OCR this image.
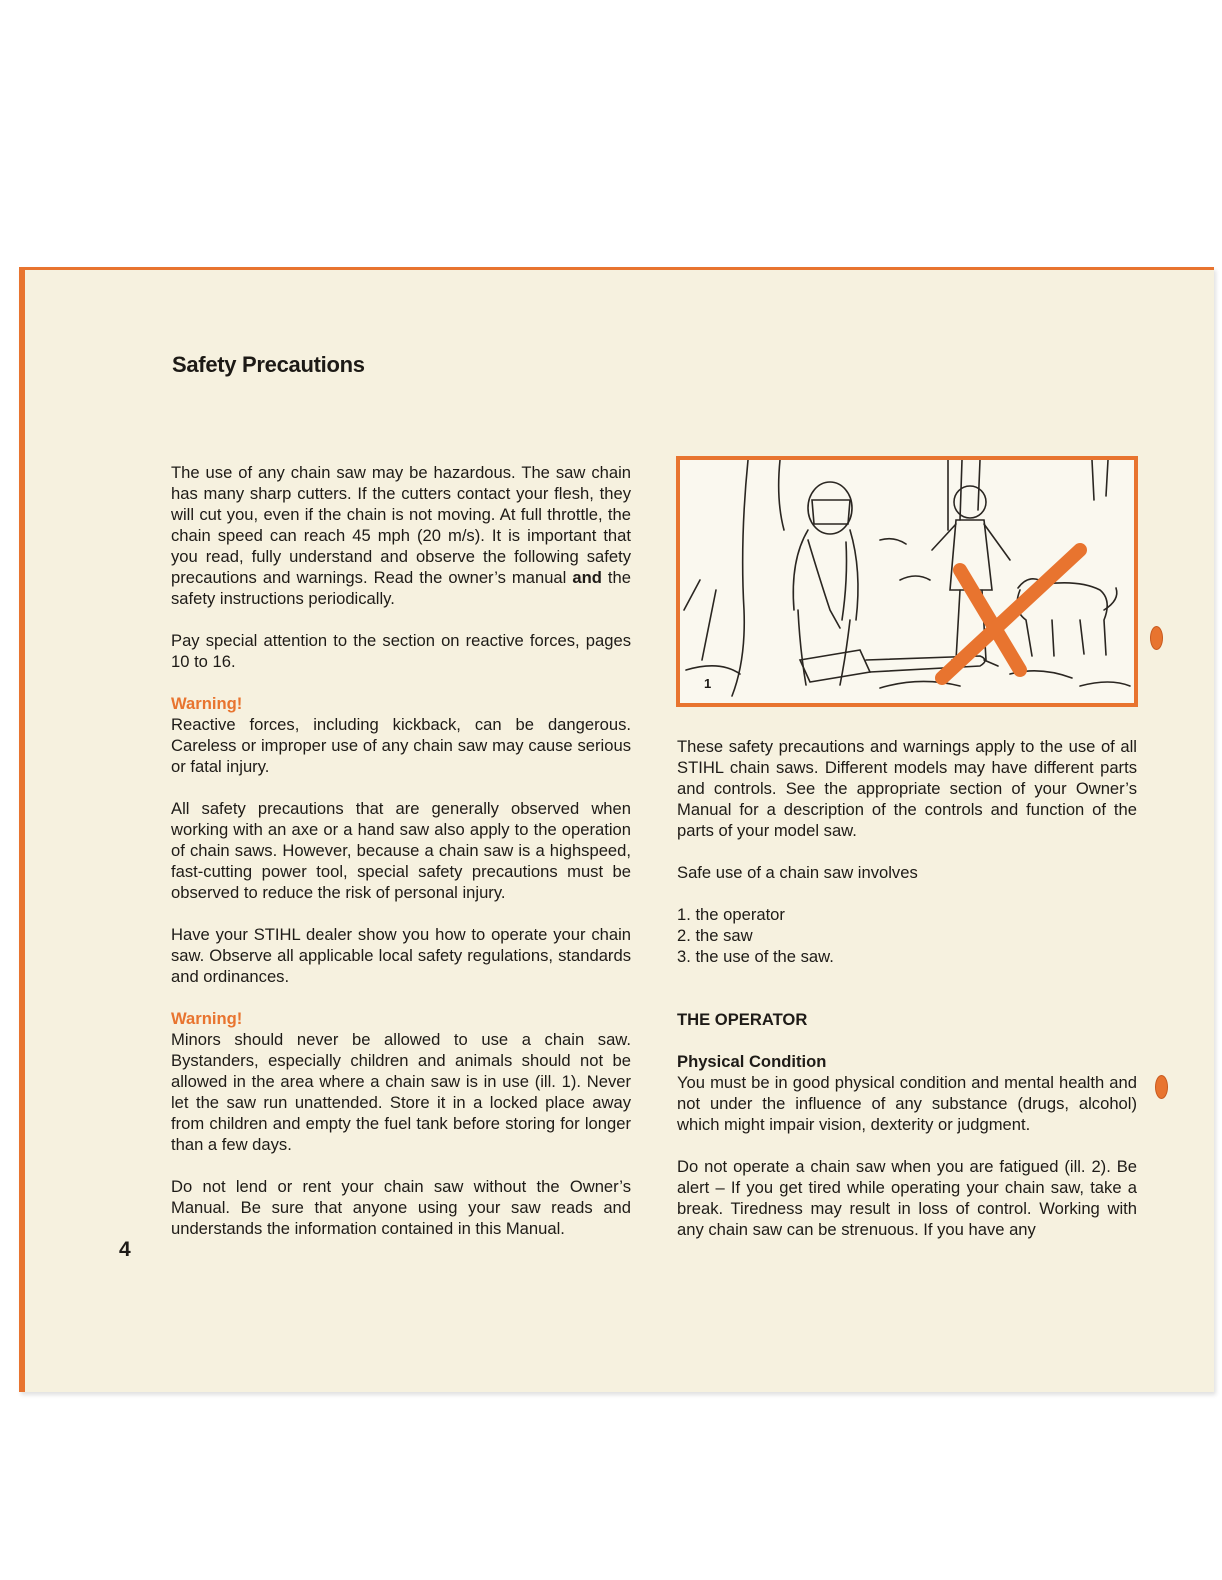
Safety Precautions

The use of any chain saw may be hazardous. The saw chain has many sharp cutters. If the cutters contact your flesh, they will cut you, even if the chain is not moving. At full throttle, the chain speed can reach 45 mph (20 m/s). It is important that you read, fully understand and observe the following safety precautions and warnings. Read the owner’s manual and the safety instructions periodically.

Pay special attention to the section on reactive forces, pages 10 to 16.

Warning!
Reactive forces, including kickback, can be dangerous. Careless or improper use of any chain saw may cause serious or fatal injury.

All safety precautions that are generally observed when working with an axe or a hand saw also apply to the operation of chain saws. However, because a chain saw is a highspeed, fast-cutting power tool, special safety precautions must be observed to reduce the risk of personal injury.

Have your STIHL dealer show you how to operate your chain saw. Observe all applicable local safety regulations, standards and ordinances.

Warning!
Minors should never be allowed to use a chain saw. Bystanders, especially children and animals should not be allowed in the area where a chain saw is in use (ill. 1). Never let the saw run unattended. Store it in a locked place away from children and empty the fuel tank before storing for longer than a few days.

Do not lend or rent your chain saw without the Owner’s Manual. Be sure that anyone using your saw reads and understands the information contained in this Manual.

4
1

These safety precautions and warnings apply to the use of all STIHL chain saws. Different models may have different parts and controls. See the appropriate section of your Owner’s Manual for a description of the controls and function of the parts of your model saw.

Safe use of a chain saw involves

1. the operator
2. the saw
3. the use of the saw.
THE OPERATOR

Physical Condition
You must be in good physical condition and mental health and not under the influence of any substance (drugs, alcohol) which might impair vision, dexterity or judgment.

Do not operate a chain saw when you are fatigued (ill. 2). Be alert – If you get tired while operating your chain saw, take a break. Tiredness may result in loss of control. Working with any chain saw can be strenuous. If you have any
